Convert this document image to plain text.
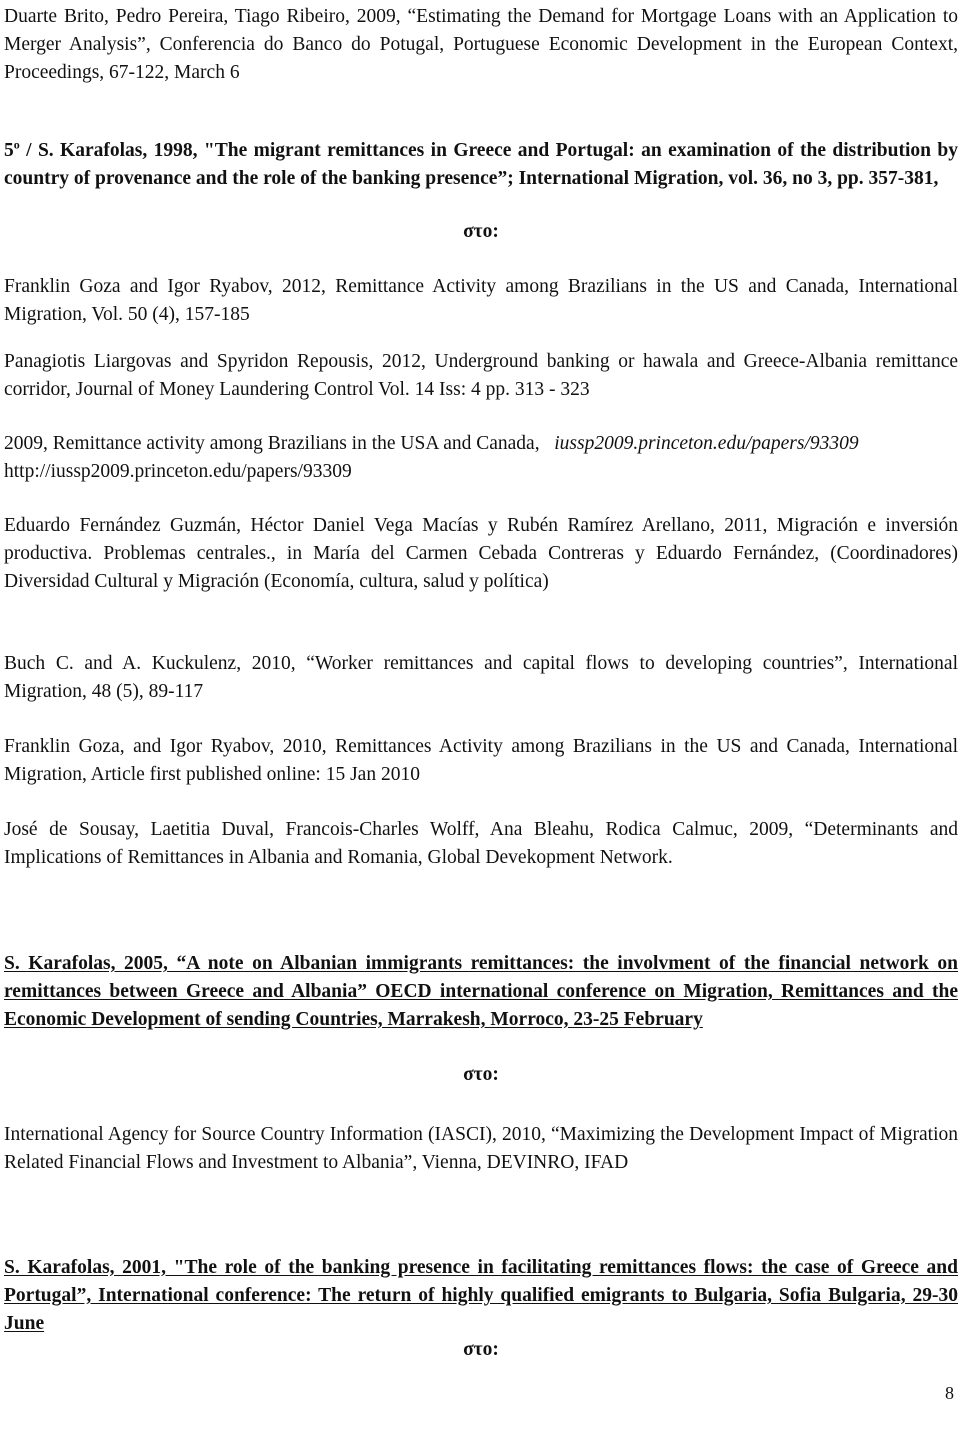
Duarte Brito, Pedro Pereira, Tiago Ribeiro, 2009, “Estimating the Demand for Mortgage Loans with an Application to Merger Analysis”, Conferencia do Banco do Potugal, Portuguese Economic Development in the European Context, Proceedings, 67-122, March 6

5$^o$ / S. Karafolas, 1998, "The migrant remittances in Greece and Portugal: an examination of the distribution by country of provenance and the role of the banking presence”; International Migration, vol. 36, no 3, pp. 357-381,

στο:

Franklin Goza and Igor Ryabov, 2012, Remittance Activity among Brazilians in the US and Canada, International Migration, Vol. 50 (4), 157-185

Panagiotis Liargovas and Spyridon Repousis, 2012, Underground banking or hawala and Greece-Albania remittance corridor, Journal of Money Laundering Control Vol. 14 Iss: 4 pp. 313 - 323

2009, Remittance activity among Brazilians in the USA and Canada, iussp2009.princeton.edu/papers/93309
http://iussp2009.princeton.edu/papers/93309

Eduardo Fernández Guzmán, Héctor Daniel Vega Macías y Rubén Ramírez Arellano, 2011, Migración e inversión productiva. Problemas centrales., in María del Carmen Cebada Contreras y Eduardo Fernández, (Coordinadores) Diversidad Cultural y Migración (Economía, cultura, salud y política)

Buch C. and A. Kuckulenz, 2010, “Worker remittances and capital flows to developing countries”, International Migration, 48 (5), 89-117

Franklin Goza, and Igor Ryabov, 2010, Remittances Activity among Brazilians in the US and Canada, International Migration, Article first published online: 15 Jan 2010

José de Sousay, Laetitia Duval, Francois-Charles Wolff, Ana Bleahu, Rodica Calmuc, 2009, “Determinants and Implications of Remittances in Albania and Romania, Global Devekopment Network.

S. Karafolas, 2005, “A note on Albanian immigrants remittances: the involvment of the financial network on remittances between Greece and Albania” OECD international conference on Migration, Remittances and the Economic Development of sending Countries, Marrakesh, Morroco, 23-25 February

στο:

International Agency for Source Country Information (IASCI), 2010, “Maximizing the Development Impact of Migration Related Financial Flows and Investment to Albania”, Vienna, DEVINRO, IFAD

S. Karafolas, 2001, "The role of the banking presence in facilitating remittances flows: the case of Greece and Portugal”, International conference: The return of highly qualified emigrants to Bulgaria, Sofia Bulgaria, 29-30 June

στο:
8
